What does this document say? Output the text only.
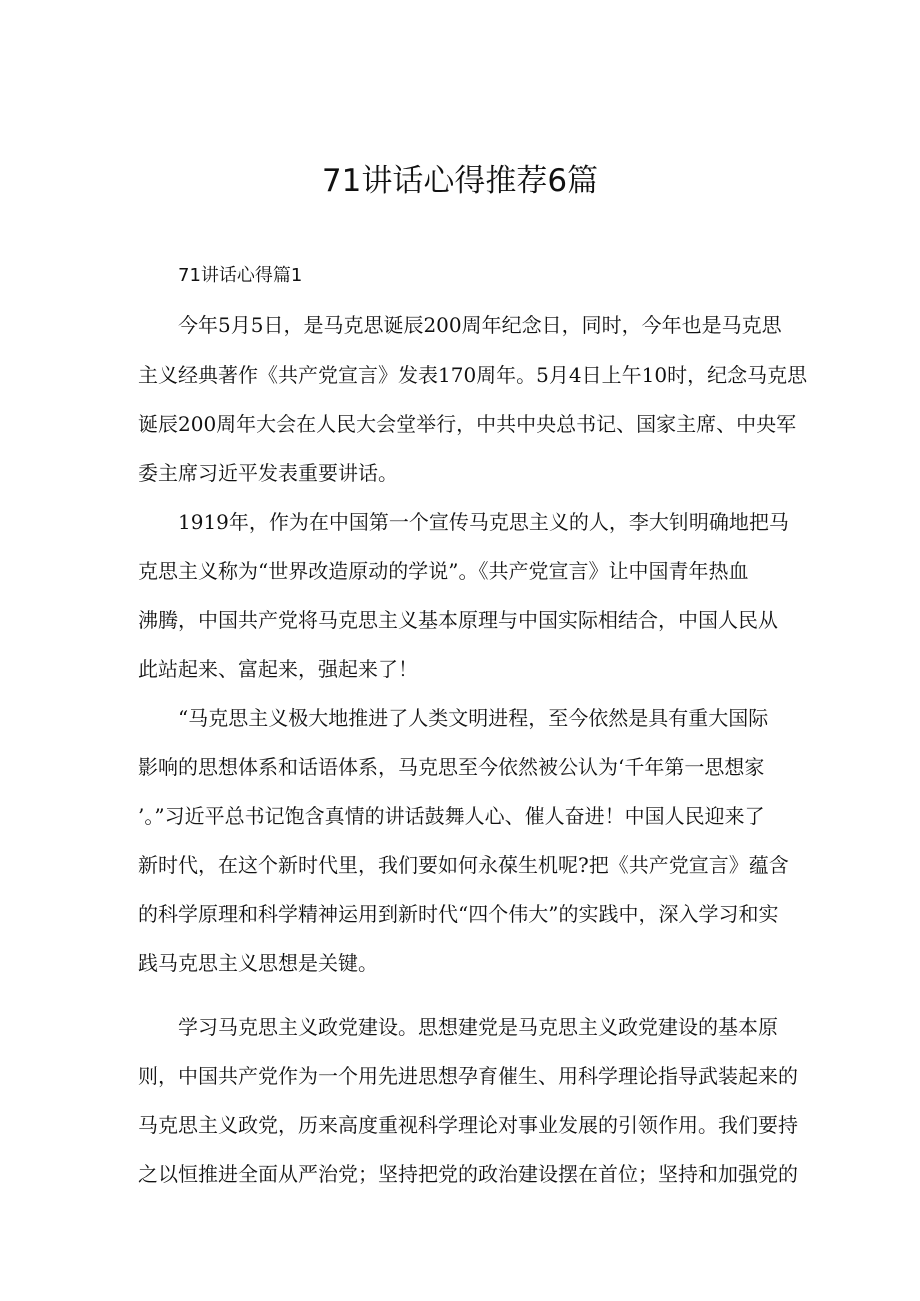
71讲话心得推荐6篇

71讲话心得篇1

今年5月5日，是马克思诞辰200周年纪念日，同时，今年也是马克思

主义经典著作《共产党宣言》发表170周年。5月4日上午10时，纪念马克思

诞辰200周年大会在人民大会堂举行，中共中央总书记、国家主席、中央军

委主席习近平发表重要讲话。

1919年，作为在中国第一个宣传马克思主义的人，李大钊明确地把马

克思主义称为“世界改造原动的学说”。《共产党宣言》让中国青年热血

沸腾，中国共产党将马克思主义基本原理与中国实际相结合，中国人民从

此站起来、富起来，强起来了！

“马克思主义极大地推进了人类文明进程，至今依然是具有重大国际

影响的思想体系和话语体系，马克思至今依然被公认为‘千年第一思想家

’。”习近平总书记饱含真情的讲话鼓舞人心、催人奋进！中国人民迎来了

新时代，在这个新时代里，我们要如何永葆生机呢?把《共产党宣言》蕴含

的科学原理和科学精神运用到新时代“四个伟大”的实践中，深入学习和实

践马克思主义思想是关键。

学习马克思主义政党建设。思想建党是马克思主义政党建设的基本原

则，中国共产党作为一个用先进思想孕育催生、用科学理论指导武装起来的

马克思主义政党，历来高度重视科学理论对事业发展的引领作用。我们要持

之以恒推进全面从严治党；坚持把党的政治建设摆在首位；坚持和加强党的
